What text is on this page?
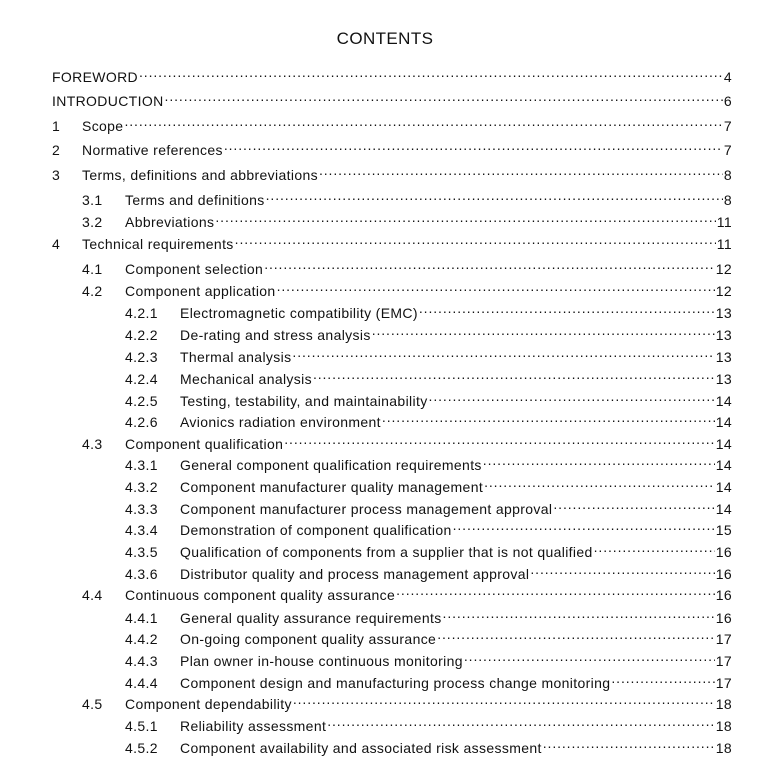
CONTENTS
FOREWORD .....	4
INTRODUCTION .....	6
1	Scope .....	7
2	Normative references .....	7
3	Terms, definitions and abbreviations .....	8
3.1	Terms and definitions .....	8
3.2	Abbreviations .....	11
4	Technical requirements .....	11
4.1	Component selection .....	12
4.2	Component application .....	12
4.2.1	Electromagnetic compatibility (EMC) .....	13
4.2.2	De-rating and stress analysis .....	13
4.2.3	Thermal analysis .....	13
4.2.4	Mechanical analysis .....	13
4.2.5	Testing, testability, and maintainability .....	14
4.2.6	Avionics radiation environment .....	14
4.3	Component qualification .....	14
4.3.1	General component qualification requirements .....	14
4.3.2	Component manufacturer quality management .....	14
4.3.3	Component manufacturer process management approval .....	14
4.3.4	Demonstration of component qualification .....	15
4.3.5	Qualification of components from a supplier that is not qualified .....	16
4.3.6	Distributor quality and process management approval .....	16
4.4	Continuous component quality assurance .....	16
4.4.1	General quality assurance requirements .....	16
4.4.2	On-going component quality assurance .....	17
4.4.3	Plan owner in-house continuous monitoring .....	17
4.4.4	Component design and manufacturing process change monitoring .....	17
4.5	Component dependability .....	18
4.5.1	Reliability assessment .....	18
4.5.2	Component availability and associated risk assessment .....	18
